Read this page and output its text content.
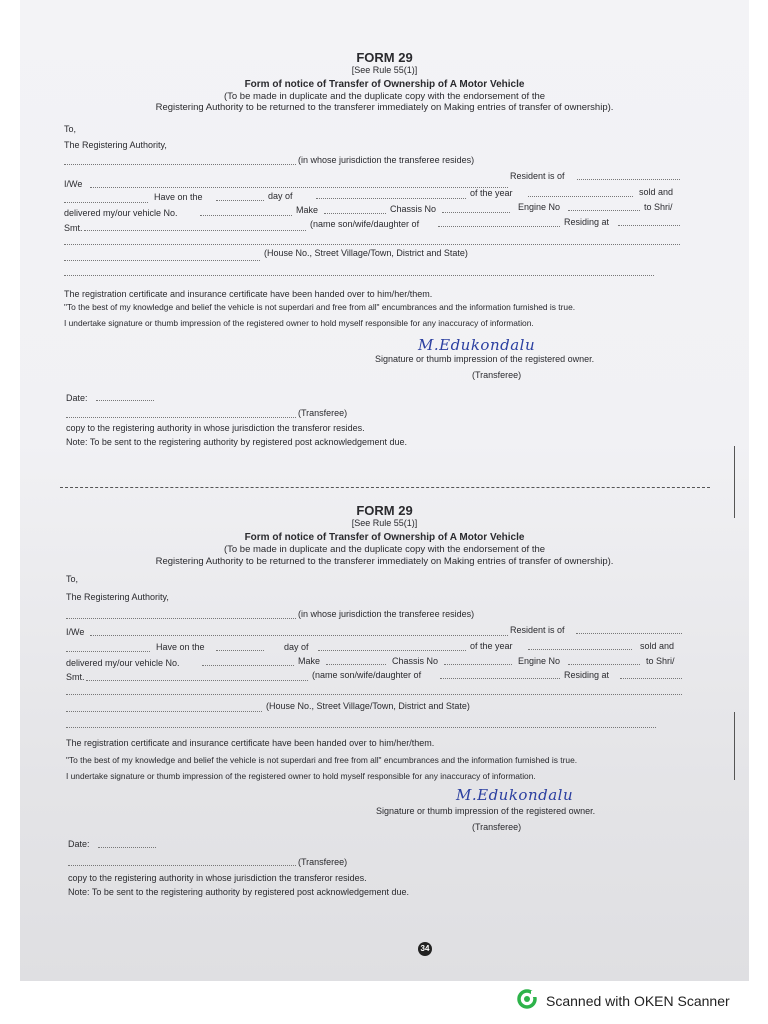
FORM 29
[See Rule 55(1)]
Form of notice of Transfer of Ownership of A Motor Vehicle
(To be made in duplicate and the duplicate copy with the endorsement of the
Registering Authority to be returned to the transferer immediately on Making entries of transfer of ownership).
To,
The Registering Authority,
(in whose jurisdiction the transferee resides)
I/We
Resident is of
Have on the	day of	of the year	sold and
delivered my/our vehicle No.	Make	Chassis No	Engine No	to Shri/
Smt.	(name son/wife/daughter of	Residing at
(House No., Street Village/Town, District and State)
The registration certificate and insurance certificate have been handed over to him/her/them.
"To the best of my knowledge and belief the vehicle is not superdari and free from all" encumbrances and the information furnished is true.
I undertake signature or thumb impression of the registered owner to hold myself responsible for any inaccuracy of information.
M.Edukondalu
Signature or thumb impression of the registered owner.
(Transferee)
Date:
(Transferee)
copy to the registering authority in whose jurisdiction the transferor resides.
Note: To be sent to the registering authority by registered post acknowledgement due.
FORM 29
[See Rule 55(1)]
Form of notice of Transfer of Ownership of A Motor Vehicle
(To be made in duplicate and the duplicate copy with the endorsement of the
Registering Authority to be returned to the transferer immediately on Making entries of transfer of ownership).
To,
The Registering Authority,
(in whose jurisdiction the transferee resides)
I/We	Resident is of
Have on the	day of	of the year	sold and
delivered my/our vehicle No.	Make	Chassis No	Engine No	to Shri/
Smt.	(name son/wife/daughter of	Residing at
(House No., Street Village/Town, District and State)
The registration certificate and insurance certificate have been handed over to him/her/them.
"To the best of my knowledge and belief the vehicle is not superdari and free from all" encumbrances and the information furnished is true.
I undertake signature or thumb impression of the registered owner to hold myself responsible for any inaccuracy of information.
M.Edukondalu
Signature or thumb impression of the registered owner.
(Transferee)
Date:
(Transferee)
copy to the registering authority in whose jurisdiction the transferor resides.
Note: To be sent to the registering authority by registered post acknowledgement due.
34
Scanned with OKEN Scanner
